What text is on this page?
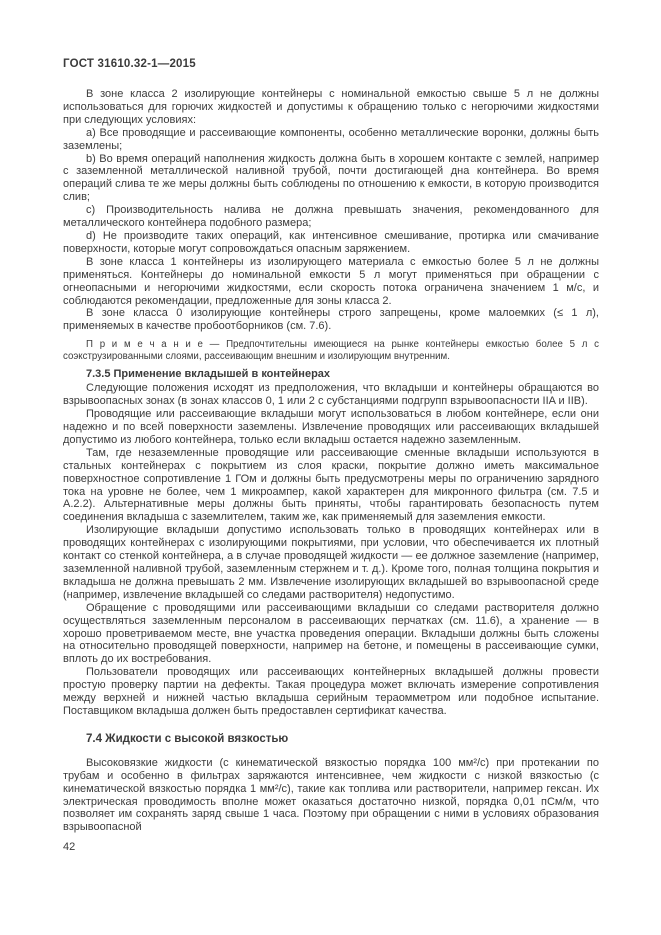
ГОСТ 31610.32-1—2015

В зоне класса 2 изолирующие контейнеры с номинальной емкостью свыше 5 л не должны использоваться для горючих жидкостей и допустимы к обращению только с негорючими жидкостями при следующих условиях:

a) Все проводящие и рассеивающие компоненты, особенно металлические воронки, должны быть заземлены;

b) Во время операций наполнения жидкость должна быть в хорошем контакте с землей, например с заземленной металлической наливной трубой, почти достигающей дна контейнера. Во время операций слива те же меры должны быть соблюдены по отношению к емкости, в которую производится слив;

c) Производительность налива не должна превышать значения, рекомендованного для металлического контейнера подобного размера;

d) Не производите таких операций, как интенсивное смешивание, протирка или смачивание поверхности, которые могут сопровождаться опасным заряжением.

В зоне класса 1 контейнеры из изолирующего материала с емкостью более 5 л не должны применяться. Контейнеры до номинальной емкости 5 л могут применяться при обращении с огнеопасными и негорючими жидкостями, если скорость потока ограничена значением 1 м/с, и соблюдаются рекомендации, предложенные для зоны класса 2.

В зоне класса 0 изолирующие контейнеры строго запрещены, кроме малоемких (≤ 1 л), применяемых в качестве пробоотборников (см. 7.6).

П р и м е ч а н и е — Предпочтительны имеющиеся на рынке контейнеры емкостью более 5 л с соэкструзированными слоями, рассеивающим внешним и изолирующим внутренним.

7.3.5 Применение вкладышей в контейнерах

Следующие положения исходят из предположения, что вкладыши и контейнеры обращаются во взрывоопасных зонах (в зонах классов 0, 1 или 2 с субстанциями подгрупп взрывоопасности IIA и IIB).

Проводящие или рассеивающие вкладыши могут использоваться в любом контейнере, если они надежно и по всей поверхности заземлены. Извлечение проводящих или рассеивающих вкладышей допустимо из любого контейнера, только если вкладыш остается надежно заземленным.

Там, где незаземленные проводящие или рассеивающие сменные вкладыши используются в стальных контейнерах с покрытием из слоя краски, покрытие должно иметь максимальное поверхностное сопротивление 1 ГОм и должны быть предусмотрены меры по ограничению зарядного тока на уровне не более, чем 1 микроампер, какой характерен для микронного фильтра (см. 7.5 и А.2.2). Альтернативные меры должны быть приняты, чтобы гарантировать безопасность путем соединения вкладыша с заземлителем, таким же, как применяемый для заземления емкости.

Изолирующие вкладыши допустимо использовать только в проводящих контейнерах или в проводящих контейнерах с изолирующими покрытиями, при условии, что обеспечивается их плотный контакт со стенкой контейнера, а в случае проводящей жидкости — ее должное заземление (например, заземленной наливной трубой, заземленным стержнем и т. д.). Кроме того, полная толщина покрытия и вкладыша не должна превышать 2 мм. Извлечение изолирующих вкладышей во взрывоопасной среде (например, извлечение вкладышей со следами растворителя) недопустимо.

Обращение с проводящими или рассеивающими вкладыши со следами растворителя должно осуществляться заземленным персоналом в рассеивающих перчатках (см. 11.6), а хранение — в хорошо проветриваемом месте, вне участка проведения операции. Вкладыши должны быть сложены на относительно проводящей поверхности, например на бетоне, и помещены в рассеивающие сумки, вплоть до их востребования.

Пользователи проводящих или рассеивающих контейнерных вкладышей должны провести простую проверку партии на дефекты. Такая процедура может включать измерение сопротивления между верхней и нижней частью вкладыша серийным тераомметром или подобное испытание. Поставщиком вкладыша должен быть предоставлен сертификат качества.

7.4 Жидкости с высокой вязкостью

Высоковязкие жидкости (с кинематической вязкостью порядка 100 мм²/с) при протекании по трубам и особенно в фильтрах заряжаются интенсивнее, чем жидкости с низкой вязкостью (с кинематической вязкостью порядка 1 мм²/с), такие как топлива или растворители, например гексан. Их электрическая проводимость вполне может оказаться достаточно низкой, порядка 0,01 пСм/м, что позволяет им сохранять заряд свыше 1 часа. Поэтому при обращении с ними в условиях образования взрывоопасной

42
